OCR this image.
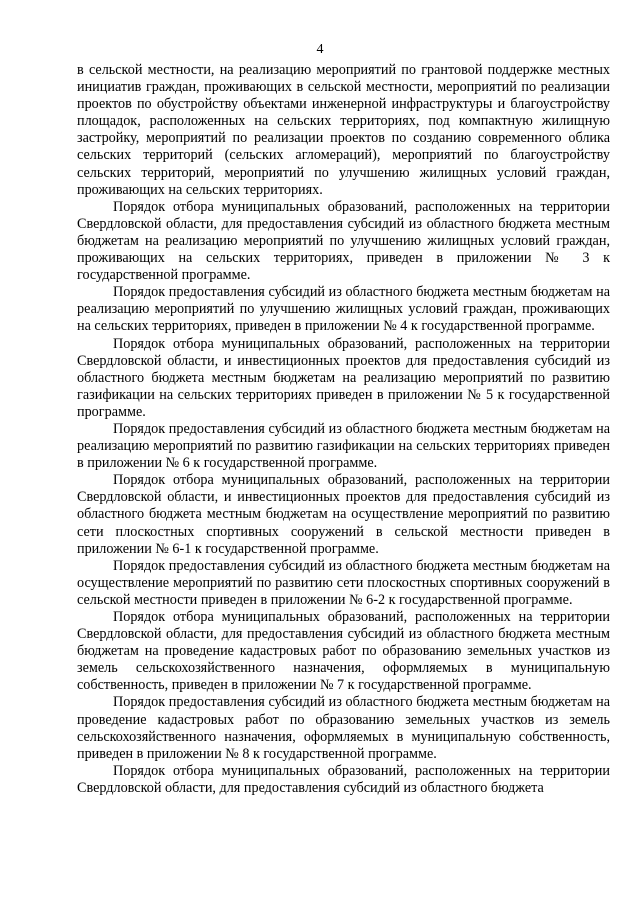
4

в сельской местности, на реализацию мероприятий по грантовой поддержке местных инициатив граждан, проживающих в сельской местности, мероприятий по реализации проектов по обустройству объектами инженерной инфраструктуры и благоустройству площадок, расположенных на сельских территориях, под компактную жилищную застройку, мероприятий по реализации проектов по созданию современного облика сельских территорий (сельских агломераций), мероприятий по благоустройству сельских территорий, мероприятий по улучшению жилищных условий граждан, проживающих на сельских территориях.

Порядок отбора муниципальных образований, расположенных на территории Свердловской области, для предоставления субсидий из областного бюджета местным бюджетам на реализацию мероприятий по улучшению жилищных условий граждан, проживающих на сельских территориях, приведен в приложении № 3 к государственной программе.

Порядок предоставления субсидий из областного бюджета местным бюджетам на реализацию мероприятий по улучшению жилищных условий граждан, проживающих на сельских территориях, приведен в приложении № 4 к государственной программе.

Порядок отбора муниципальных образований, расположенных на территории Свердловской области, и инвестиционных проектов для предоставления субсидий из областного бюджета местным бюджетам на реализацию мероприятий по развитию газификации на сельских территориях приведен в приложении № 5 к государственной программе.

Порядок предоставления субсидий из областного бюджета местным бюджетам на реализацию мероприятий по развитию газификации на сельских территориях приведен в приложении № 6 к государственной программе.

Порядок отбора муниципальных образований, расположенных на территории Свердловской области, и инвестиционных проектов для предоставления субсидий из областного бюджета местным бюджетам на осуществление мероприятий по развитию сети плоскостных спортивных сооружений в сельской местности приведен в приложении № 6-1 к государственной программе.

Порядок предоставления субсидий из областного бюджета местным бюджетам на осуществление мероприятий по развитию сети плоскостных спортивных сооружений в сельской местности приведен в приложении № 6-2 к государственной программе.

Порядок отбора муниципальных образований, расположенных на территории Свердловской области, для предоставления субсидий из областного бюджета местным бюджетам на проведение кадастровых работ по образованию земельных участков из земель сельскохозяйственного назначения, оформляемых в муниципальную собственность, приведен в приложении № 7 к государственной программе.

Порядок предоставления субсидий из областного бюджета местным бюджетам на проведение кадастровых работ по образованию земельных участков из земель сельскохозяйственного назначения, оформляемых в муниципальную собственность, приведен в приложении № 8 к государственной программе.

Порядок отбора муниципальных образований, расположенных на территории Свердловской области, для предоставления субсидий из областного бюджета
